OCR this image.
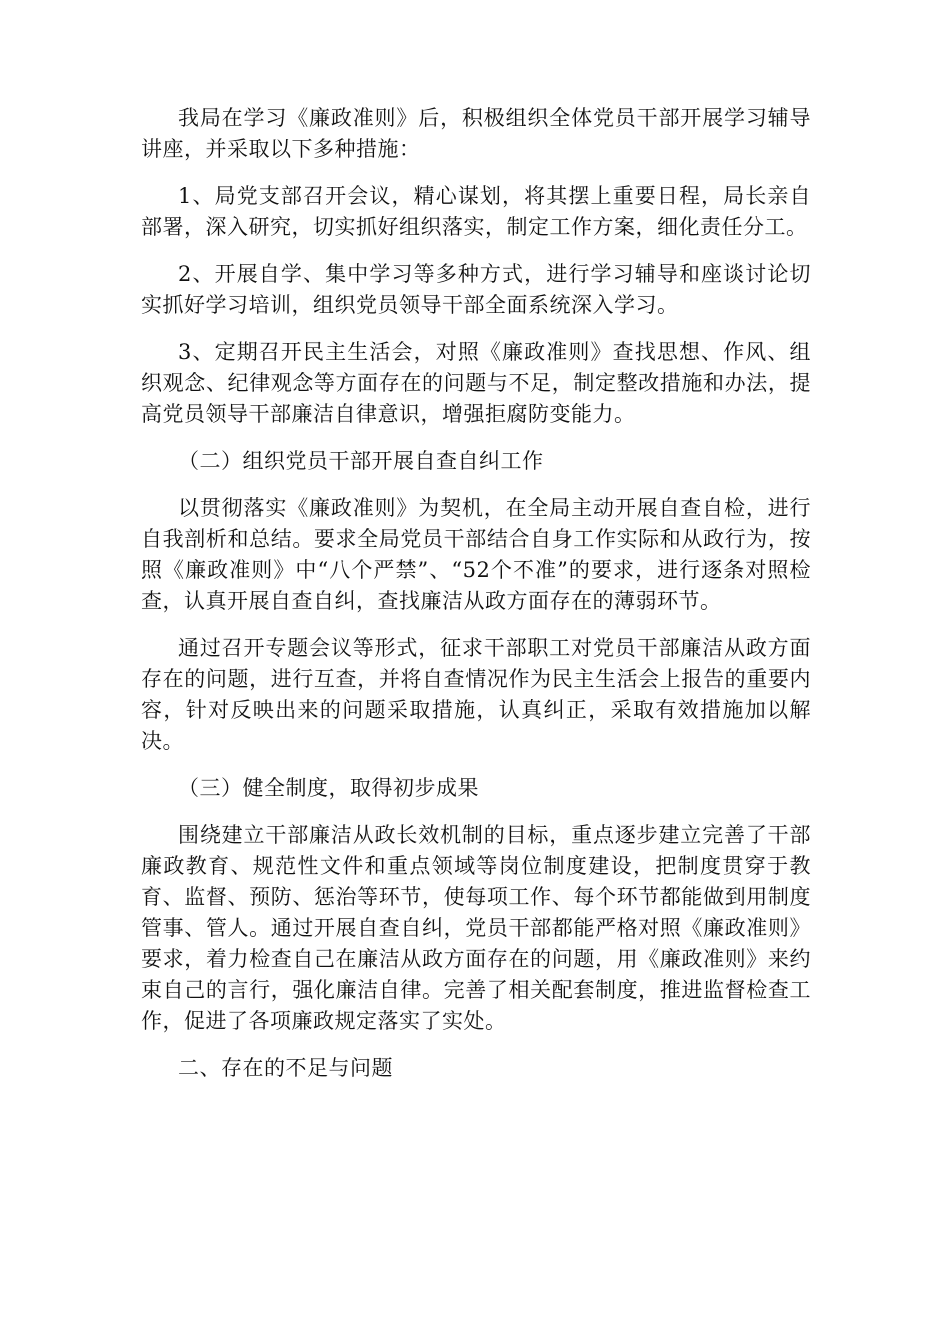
我局在学习《廉政准则》后，积极组织全体党员干部开展学习辅导讲座，并采取以下多种措施：

1、局党支部召开会议，精心谋划，将其摆上重要日程，局长亲自部署，深入研究，切实抓好组织落实，制定工作方案，细化责任分工。

2、开展自学、集中学习等多种方式，进行学习辅导和座谈讨论切实抓好学习培训，组织党员领导干部全面系统深入学习。

3、定期召开民主生活会，对照《廉政准则》查找思想、作风、组织观念、纪律观念等方面存在的问题与不足，制定整改措施和办法，提高党员领导干部廉洁自律意识，增强拒腐防变能力。

（二）组织党员干部开展自查自纠工作

以贯彻落实《廉政准则》为契机，在全局主动开展自查自检，进行自我剖析和总结。要求全局党员干部结合自身工作实际和从政行为，按照《廉政准则》中“八个严禁”、“52个不准”的要求，进行逐条对照检查，认真开展自查自纠，查找廉洁从政方面存在的薄弱环节。

通过召开专题会议等形式，征求干部职工对党员干部廉洁从政方面存在的问题，进行互查，并将自查情况作为民主生活会上报告的重要内容，针对反映出来的问题采取措施，认真纠正，采取有效措施加以解决。

（三）健全制度，取得初步成果

围绕建立干部廉洁从政长效机制的目标，重点逐步建立完善了干部廉政教育、规范性文件和重点领域等岗位制度建设，把制度贯穿于教育、监督、预防、惩治等环节，使每项工作、每个环节都能做到用制度管事、管人。通过开展自查自纠，党员干部都能严格对照《廉政准则》要求，着力检查自己在廉洁从政方面存在的问题，用《廉政准则》来约束自己的言行，强化廉洁自律。完善了相关配套制度，推进监督检查工作，促进了各项廉政规定落实了实处。

二、存在的不足与问题
